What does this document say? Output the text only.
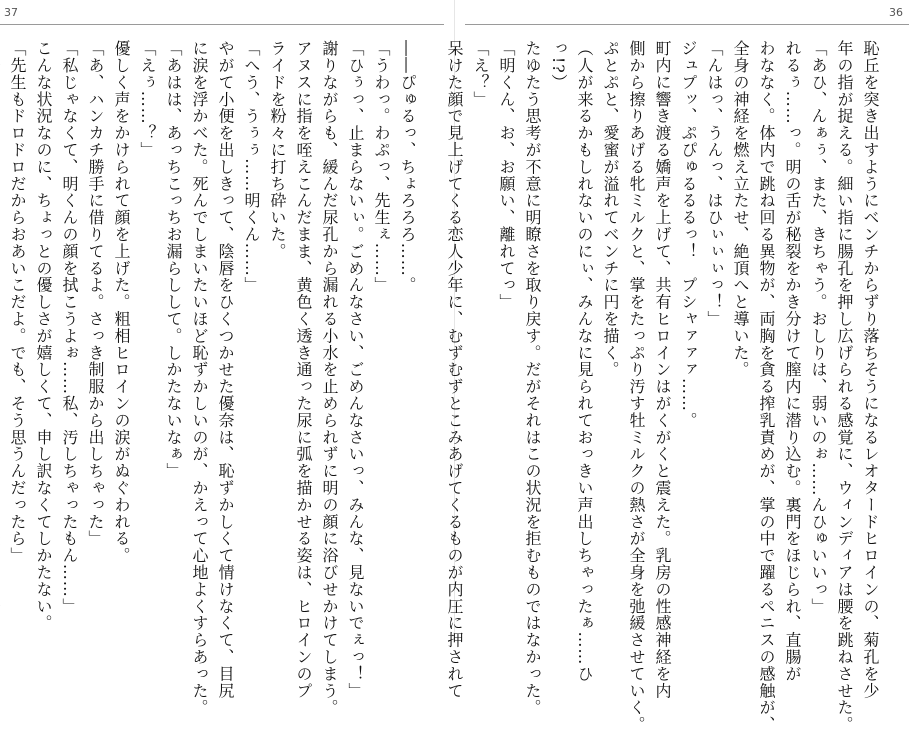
37
――ぴゅるっ、ちょろろろ……。
「うわっ。わぷっ、先生ぇ……」
「ひぅっ、止まらないぃ。ごめんなさい、ごめんなさいっ、みんな、見ないでぇっ！」
謝りながらも、緩んだ尿孔から漏れる小水を止められずに明の顔に浴びせかけてしまう。
アヌスに指を咥えこんだまま、黄色く透き通った尿に弧を描かせる姿は、ヒロインのプ
ライドを粉々に打ち砕いた。
「へう、うぅぅ……明くん……」
やがて小便を出しきって、陰唇をひくつかせた優奈は、恥ずかしくて情けなくて、目尻
に涙を浮かべた。死んでしまいたいほど恥ずかしいのが、かえって心地よくすらあった。
「あはは、あっちこっちお漏らしして。しかたないなぁ」
「えぅ……？」
優しく声をかけられて顔を上げた。粗相ヒロインの涙がぬぐわれる。
「あ、ハンカチ勝手に借りてるよ。さっき制服から出しちゃった」
「私じゃなくて、明くんの顔を拭こうよぉ……私、汚しちゃったもん……」
こんな状況なのに、ちょっとの優しさが嬉しくて、申し訳なくてしかたない。
「先生もドロドロだからおあいこだよ。でも、そう思うんだったら」
36
恥丘を突き出すようにベンチからずり落ちそうになるレオタードヒロインの、菊孔を少
年の指が捉える。細い指に腸孔を押し広げられる感覚に、ウィンディアは腰を跳ねさせた。
「あひ、んぁぅ、また、きちゃう。おしりは、弱いのぉ……んひゅいいっ」
れるぅ……っ。明の舌が秘裂をかき分けて膣内に潜り込む。裏門をほじられ、直腸が
わななく。体内で跳ね回る異物が、両胸を貪る搾乳責めが、掌の中で躍るペニスの感触が、
全身の神経を燃え立たせ、絶頂へと導いた。
「んはっ、うんっ、はひぃぃぃっ！」
ジュプッ、ぷぴゅるるるっ！　プシャァァァ……。
町内に響き渡る嬌声を上げて、共有ヒロインはがくがくと震えた。乳房の性感神経を内
側から擦りあげる牝ミルクと、掌をたっぷり汚す牡ミルクの熱さが全身を弛緩させていく。
ぷとぷと、愛蜜が溢れてベンチに円を描く。
（人が来るかもしれないのにぃ、みんなに見られておっきい声出しちゃったぁ……ひ
っ!?）
たゆたう思考が不意に明瞭さを取り戻す。だがそれはこの状況を拒むものではなかった。
「明くん、お、お願い、離れてっ」
「え？」
呆けた顔で見上げてくる恋人少年に、むずむずとこみあげてくるものが内圧に押されて
